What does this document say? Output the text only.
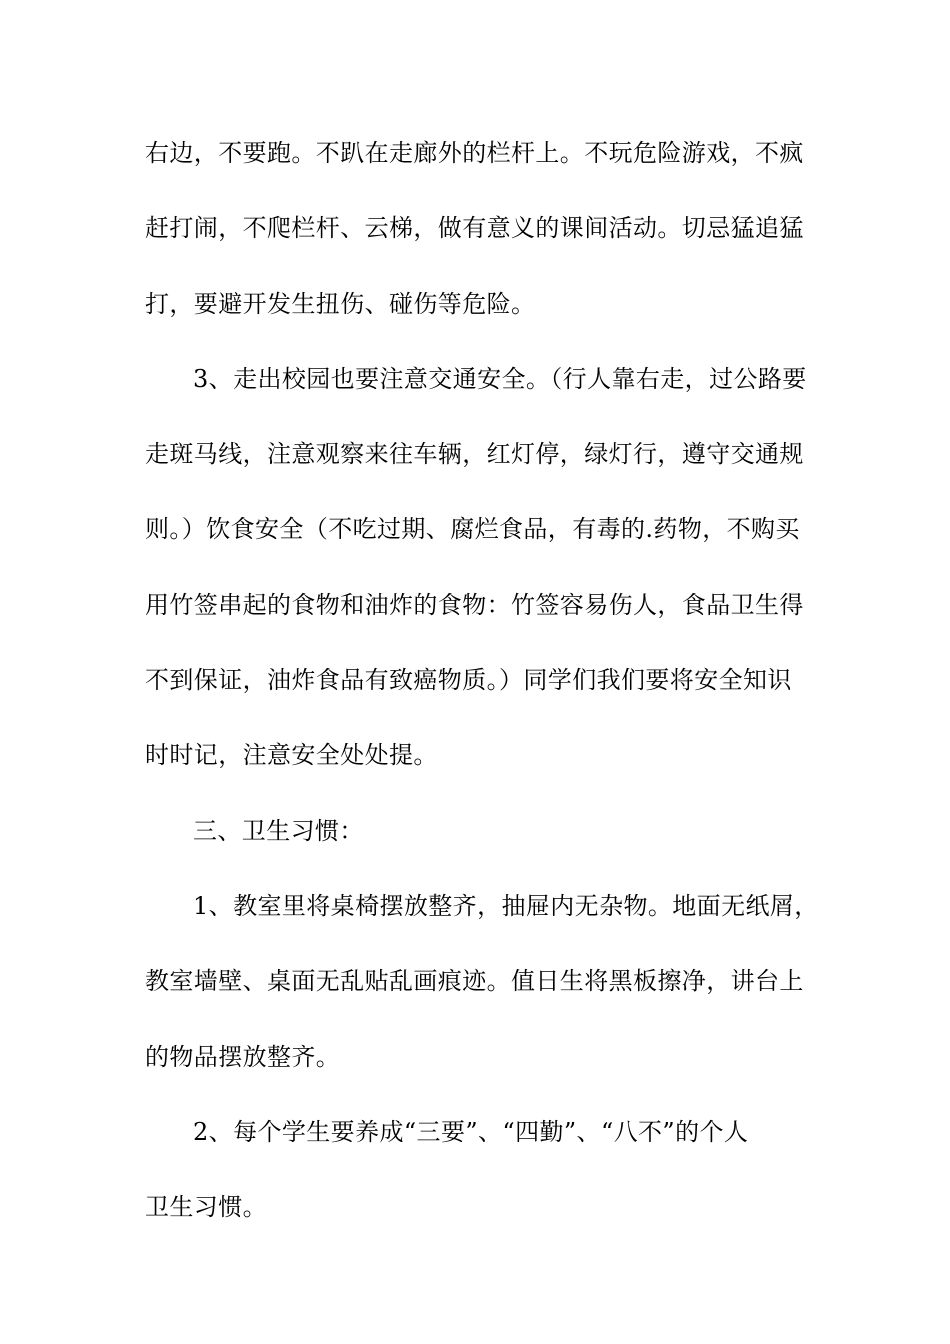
右边，不要跑。不趴在走廊外的栏杆上。不玩危险游戏，不疯
赶打闹，不爬栏杆、云梯，做有意义的课间活动。切忌猛追猛
打，要避开发生扭伤、碰伤等危险。
3、走出校园也要注意交通安全。（行人靠右走，过公路要
走斑马线，注意观察来往车辆，红灯停，绿灯行，遵守交通规
则。）饮食安全（不吃过期、腐烂食品，有毒的.药物，不购买
用竹签串起的食物和油炸的食物：竹签容易伤人，食品卫生得
不到保证，油炸食品有致癌物质。）同学们我们要将安全知识
时时记，注意安全处处提。
三、卫生习惯：
1、教室里将桌椅摆放整齐，抽屉内无杂物。地面无纸屑，
教室墙壁、桌面无乱贴乱画痕迹。值日生将黑板擦净，讲台上
的物品摆放整齐。
2、每个学生要养成“三要”、“四勤”、“八不”的个人
卫生习惯。
